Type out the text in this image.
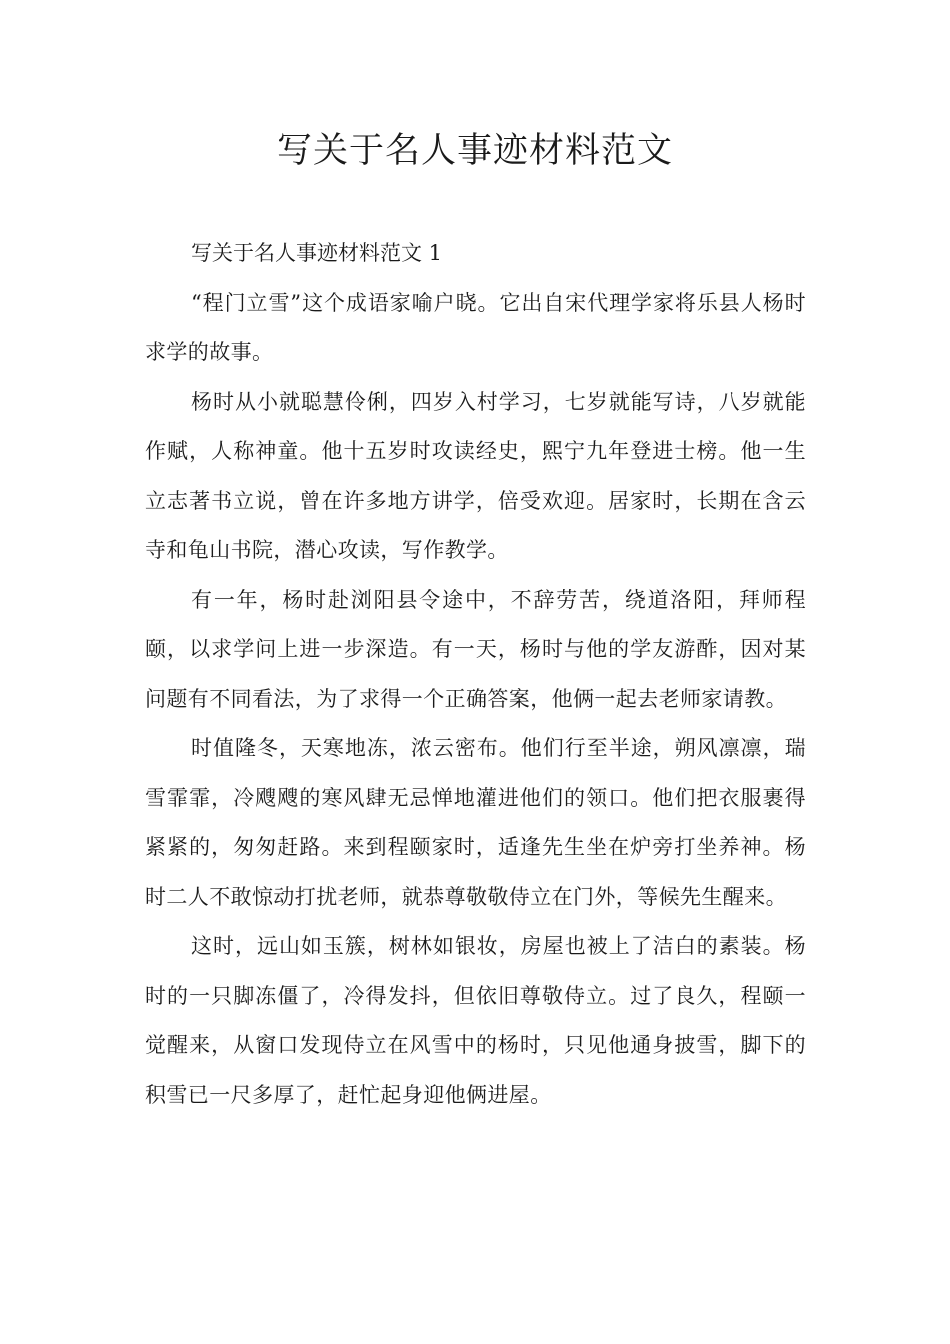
写关于名人事迹材料范文

写关于名人事迹材料范文 1

“程门立雪”这个成语家喻户晓。它出自宋代理学家将乐县人杨时求学的故事。

杨时从小就聪慧伶俐，四岁入村学习，七岁就能写诗，八岁就能作赋，人称神童。他十五岁时攻读经史，熙宁九年登进士榜。他一生立志著书立说，曾在许多地方讲学，倍受欢迎。居家时，长期在含云寺和龟山书院，潜心攻读，写作教学。

有一年，杨时赴浏阳县令途中，不辞劳苦，绕道洛阳，拜师程颐，以求学问上进一步深造。有一天，杨时与他的学友游酢，因对某问题有不同看法，为了求得一个正确答案，他俩一起去老师家请教。

时值隆冬，天寒地冻，浓云密布。他们行至半途，朔风凛凛，瑞雪霏霏，冷飕飕的寒风肆无忌惮地灌进他们的领口。他们把衣服裹得紧紧的，匆匆赶路。来到程颐家时，适逢先生坐在炉旁打坐养神。杨时二人不敢惊动打扰老师，就恭尊敬敬侍立在门外，等候先生醒来。

这时，远山如玉簇，树林如银妆，房屋也被上了洁白的素装。杨时的一只脚冻僵了，冷得发抖，但依旧尊敬侍立。过了良久，程颐一觉醒来，从窗口发现侍立在风雪中的杨时，只见他通身披雪，脚下的积雪已一尺多厚了，赶忙起身迎他俩进屋。
